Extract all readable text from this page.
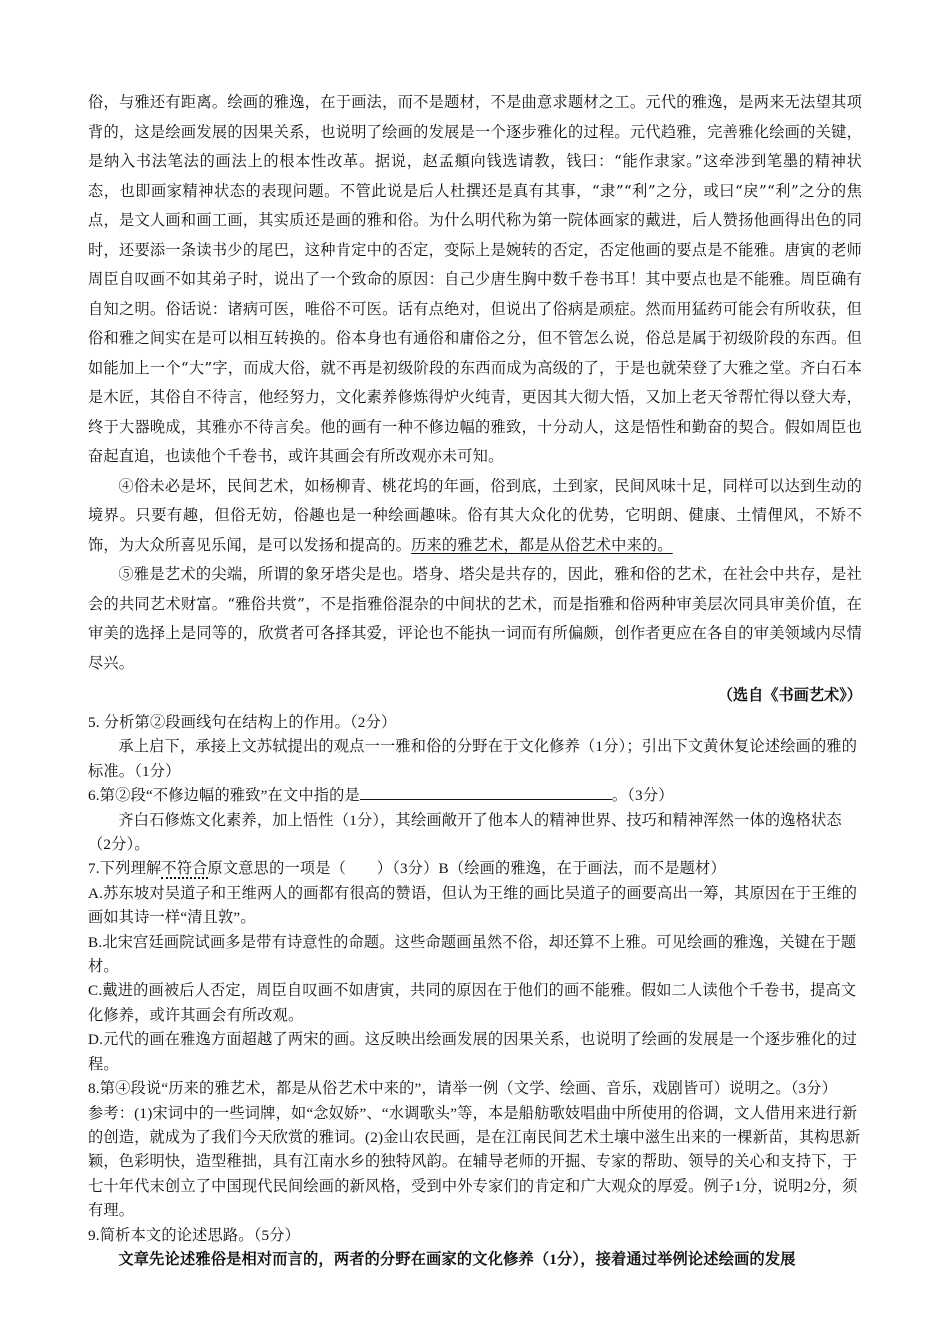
俗，与雅还有距离。绘画的雅逸，在于画法，而不是题材，不是曲意求题材之工。元代的雅逸，是两来无法望其项背的，这是绘画发展的因果关系，也说明了绘画的发展是一个逐步雅化的过程。元代趋雅，完善雅化绘画的关键，是纳入书法笔法的画法上的根本性改革。据说，赵孟頫向钱选请教，钱曰：“能作隶家。”这牵涉到笔墨的精神状态，也即画家精神状态的表现问题。不管此说是后人杜撰还是真有其事，“隶”“利”之分，或曰“戾”“利”之分的焦点，是文人画和画工画，其实质还是画的雅和俗。为什么明代称为第一院体画家的戴进，后人赞扬他画得出色的同时，还要添一条读书少的尾巴，这种肯定中的否定，变际上是婉转的否定，否定他画的要点是不能雅。唐寅的老师周臣自叹画不如其弟子时，说出了一个致命的原因：自己少唐生胸中数千卷书耳！其中要点也是不能雅。周臣确有自知之明。俗话说：诸病可医，唯俗不可医。话有点绝对，但说出了俗病是顽症。然而用猛药可能会有所收获，但俗和雅之间实在是可以相互转换的。俗本身也有通俗和庸俗之分，但不管怎么说，俗总是属于初级阶段的东西。但如能加上一个“大”字，而成大俗，就不再是初级阶段的东西而成为高级的了，于是也就荣登了大雅之堂。齐白石本是木匠，其俗自不待言，他经努力，文化素养修炼得炉火纯青，更因其大彻大悟，又加上老天爷帮忙得以登大寿，终于大器晚成，其雅亦不待言矣。他的画有一种不修边幅的雅致，十分动人，这是悟性和勤奋的契合。假如周臣也奋起直追，也读他个千卷书，或许其画会有所改观亦未可知。

④俗未必是坏，民间艺术，如杨柳青、桃花坞的年画，俗到底，土到家，民间风味十足，同样可以达到生动的境界。只要有趣，但俗无妨，俗趣也是一种绘画趣味。俗有其大众化的优势，它明朗、健康、土情俚风，不矫不饰，为大众所喜见乐闻，是可以发扬和提高的。历来的雅艺术，都是从俗艺术中来的。

⑤雅是艺术的尖端，所谓的象牙塔尖是也。塔身、塔尖是共存的，因此，雅和俗的艺术，在社会中共存，是社会的共同艺术财富。“雅俗共赏”，不是指雅俗混杂的中间状的艺术，而是指雅和俗两种审美层次同具审美价值，在审美的选择上是同等的，欣赏者可各择其爱，评论也不能执一词而有所偏颇，创作者更应在各自的审美领域内尽情尽兴。

（选自《书画艺术》）

5. 分析第②段画线句在结构上的作用。（2分）

承上启下，承接上文苏轼提出的观点一一雅和俗的分野在于文化修养（1分）；引出下文黄休复论述绘画的雅的标准。（1分）

6.第②段“不修边幅的雅致”在文中指的是	。（3分）

齐白石修炼文化素养，加上悟性（1分），其绘画敞开了他本人的精神世界、技巧和精神浑然一体的逸格状态（2分）。

7.下列理解不符合原文意思的一项是（　　）（3分）B（绘画的雅逸，在于画法，而不是题材）

A.苏东坡对吴道子和王维两人的画都有很高的赞语，但认为王维的画比吴道子的画要高出一筹，其原因在于王维的画如其诗一样“清且敦”。

B.北宋宫廷画院试画多是带有诗意性的命题。这些命题画虽然不俗，却还算不上雅。可见绘画的雅逸，关键在于题材。

C.戴进的画被后人否定，周臣自叹画不如唐寅，共同的原因在于他们的画不能雅。假如二人读他个千卷书，提高文化修养，或许其画会有所改观。

D.元代的画在雅逸方面超越了两宋的画。这反映出绘画发展的因果关系，也说明了绘画的发展是一个逐步雅化的过程。

8.第④段说“历来的雅艺术，都是从俗艺术中来的”，请举一例（文学、绘画、音乐，戏剧皆可）说明之。（3分）

参考：(1)宋词中的一些词牌，如“念奴娇”、“水调歌头”等，本是船舫歌妓唱曲中所使用的俗调，文人借用来进行新的创造，就成为了我们今天欣赏的雅词。(2)金山农民画，是在江南民间艺术土壤中滋生出来的一棵新苗，其构思新颖，色彩明快，造型稚拙，具有江南水乡的独特风韵。在辅导老师的开掘、专家的帮助、领导的关心和支持下，于七十年代末创立了中国现代民间绘画的新风格，受到中外专家们的肯定和广大观众的厚爱。例子1分，说明2分，须有理。

9.简析本文的论述思路。（5分）

文章先论述雅俗是相对而言的，两者的分野在画家的文化修养（1分），接着通过举例论述绘画的发展
